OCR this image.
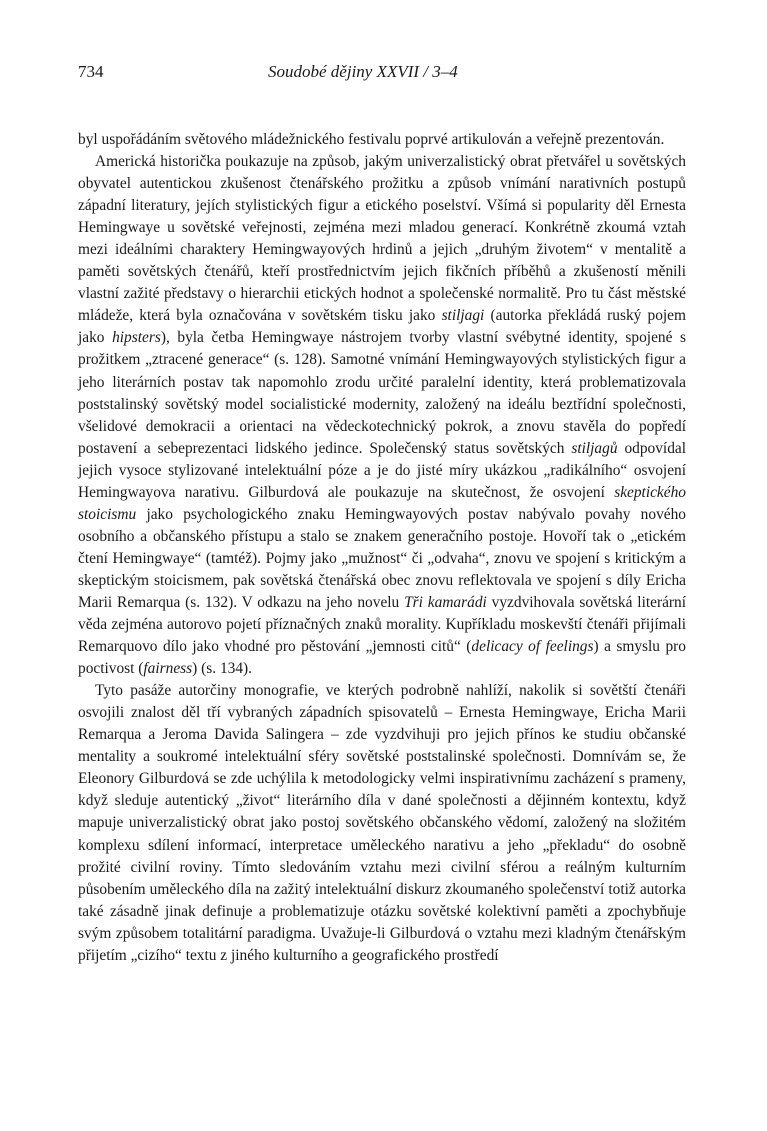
734	Soudobé dějiny XXVII / 3–4

byl uspořádáním světového mládežnického festivalu poprvé artikulován a veřejně prezentován.

Americká historička poukazuje na způsob, jakým univerzalistický obrat přetvářel u sovětských obyvatel autentickou zkušenost čtenářského prožitku a způsob vnímání narativních postupů západní literatury, jejích stylistických figur a etického poselství. Všímá si popularity děl Ernesta Hemingwaye u sovětské veřejnosti, zejména mezi mladou generací. Konkrétně zkoumá vztah mezi ideálními charaktery Hemingwayových hrdinů a jejich „druhým životem“ v mentalitě a paměti sovětských čtenářů, kteří prostřednictvím jejich fikčních příběhů a zkušeností měnili vlastní zažité představy o hierarchii etických hodnot a společenské normalitě. Pro tu část městské mládeže, která byla označována v sovětském tisku jako stiljagi (autorka překládá ruský pojem jako hipsters), byla četba Hemingwaye nástrojem tvorby vlastní svébytné identity, spojené s prožitkem „ztracené generace“ (s. 128). Samotné vnímání Hemingwayových stylistických figur a jeho literárních postav tak napomohlo zrodu určité paralelní identity, která problematizovala poststalinský sovětský model socialistické modernity, založený na ideálu beztřídní společnosti, všelidové demokracii a orientaci na vědeckotechnický pokrok, a znovu stavěla do popředí postavení a sebeprezentaci lidského jedince. Společenský status sovětských stiljagů odpovídal jejich vysoce stylizované intelektuální póze a je do jisté míry ukázkou „radikálního“ osvojení Hemingwayova narativu. Gilburdová ale poukazuje na skutečnost, že osvojení skeptického stoicismu jako psychologického znaku Hemingwayových postav nabývalo povahy nového osobního a občanského přístupu a stalo se znakem generačního postoje. Hovoří tak o „etickém čtení Hemingwaye“ (tamtéž). Pojmy jako „mužnost“ či „odvaha“, znovu ve spojení s kritickým a skeptickým stoicismem, pak sovětská čtenářská obec znovu reflektovala ve spojení s díly Ericha Marii Remarqua (s. 132). V odkazu na jeho novelu Tři kamarádi vyzdvihovala sovětská literární věda zejména autorovo pojetí příznačných znaků morality. Kupříkladu moskevští čtenáři přijímali Remarquovo dílo jako vhodné pro pěstování „jemnosti citů“ (delicacy of feelings) a smyslu pro poctivost (fairness) (s. 134).

Tyto pasáže autorčiny monografie, ve kterých podrobně nahlíží, nakolik si sovětští čtenáři osvojili znalost děl tří vybraných západních spisovatelů – Ernesta Hemingwaye, Ericha Marii Remarqua a Jeroma Davida Salingera – zde vyzdvihuji pro jejich přínos ke studiu občanské mentality a soukromé intelektuální sféry sovětské poststalinské společnosti. Domnívám se, že Eleonory Gilburdová se zde uchýlila k metodologicky velmi inspirativnímu zacházení s prameny, když sleduje autentický „život“ literárního díla v dané společnosti a dějinném kontextu, když mapuje univerzalistický obrat jako postoj sovětského občanského vědomí, založený na složitém komplexu sdílení informací, interpretace uměleckého narativu a jeho „překladu“ do osobně prožité civilní roviny. Tímto sledováním vztahu mezi civilní sférou a reálným kulturním působením uměleckého díla na zažitý intelektuální diskurz zkoumaného společenství totiž autorka také zásadně jinak definuje a problematizuje otázku sovětské kolektivní paměti a zpochybňuje svým způsobem totalitární paradigma. Uvažuje-li Gilburdová o vztahu mezi kladným čtenářským přijetím „cizího“ textu z jiného kulturního a geografického prostředí
